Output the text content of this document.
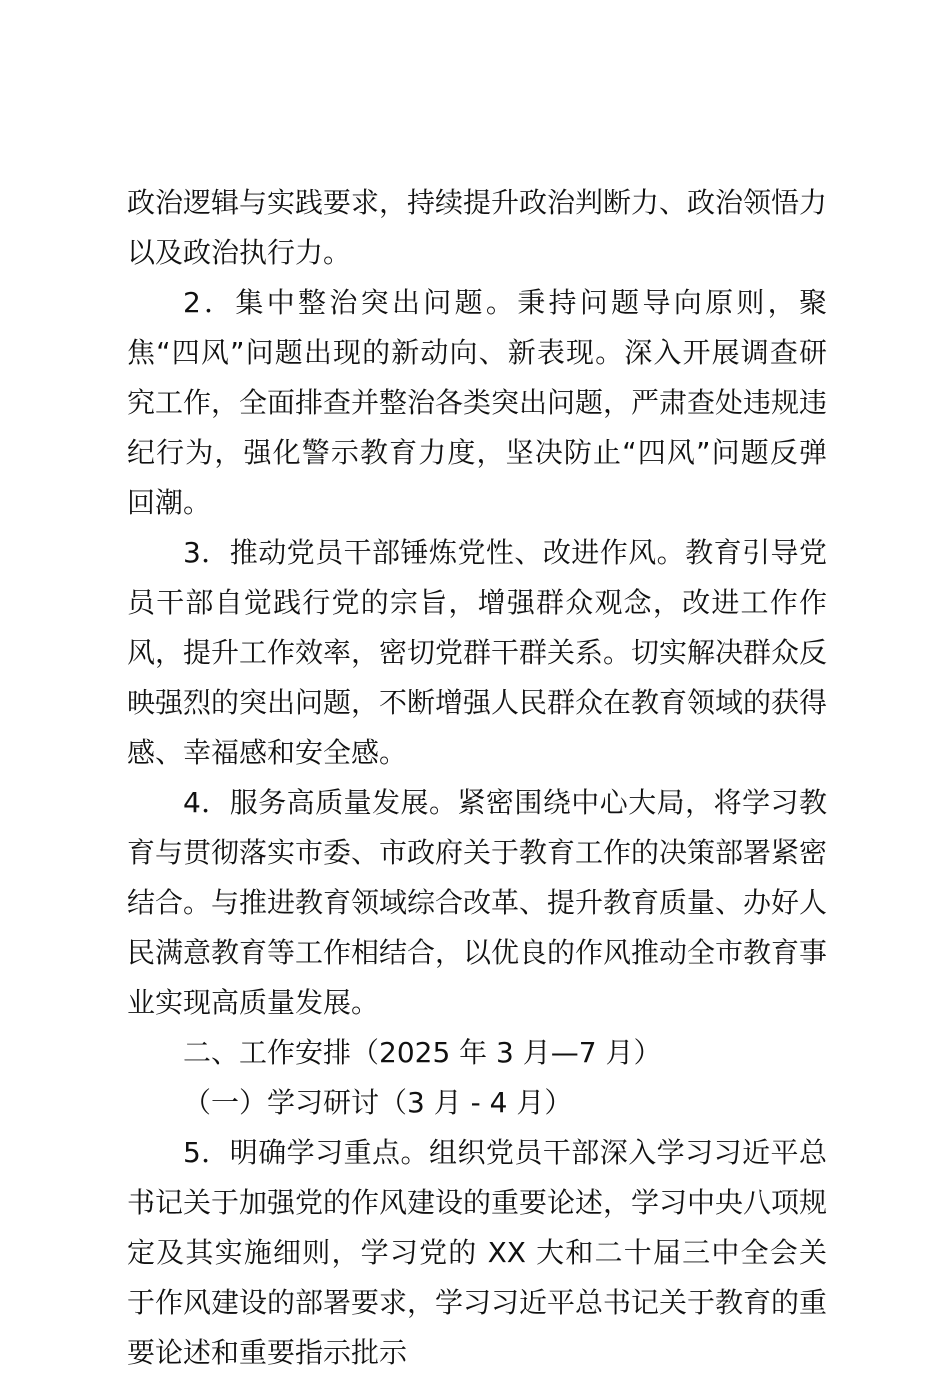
政治逻辑与实践要求，持续提升政治判断力、政治领悟力以及政治执行力。

2．集中整治突出问题。秉持问题导向原则，聚焦“四风”问题出现的新动向、新表现。深入开展调查研究工作，全面排查并整治各类突出问题，严肃查处违规违纪行为，强化警示教育力度，坚决防止“四风”问题反弹回潮。

3．推动党员干部锤炼党性、改进作风。教育引导党员干部自觉践行党的宗旨，增强群众观念，改进工作作风，提升工作效率，密切党群干群关系。切实解决群众反映强烈的突出问题，不断增强人民群众在教育领域的获得感、幸福感和安全感。

4．服务高质量发展。紧密围绕中心大局，将学习教育与贯彻落实市委、市政府关于教育工作的决策部署紧密结合。与推进教育领域综合改革、提升教育质量、办好人民满意教育等工作相结合，以优良的作风推动全市教育事业实现高质量发展。

二、工作安排（2025 年 3 月—7 月）

（一）学习研讨（3 月 - 4 月）

5．明确学习重点。组织党员干部深入学习习近平总书记关于加强党的作风建设的重要论述，学习中央八项规定及其实施细则，学习党的 XX 大和二十届三中全会关于作风建设的部署要求，学习习近平总书记关于教育的重要论述和重要指示批示
